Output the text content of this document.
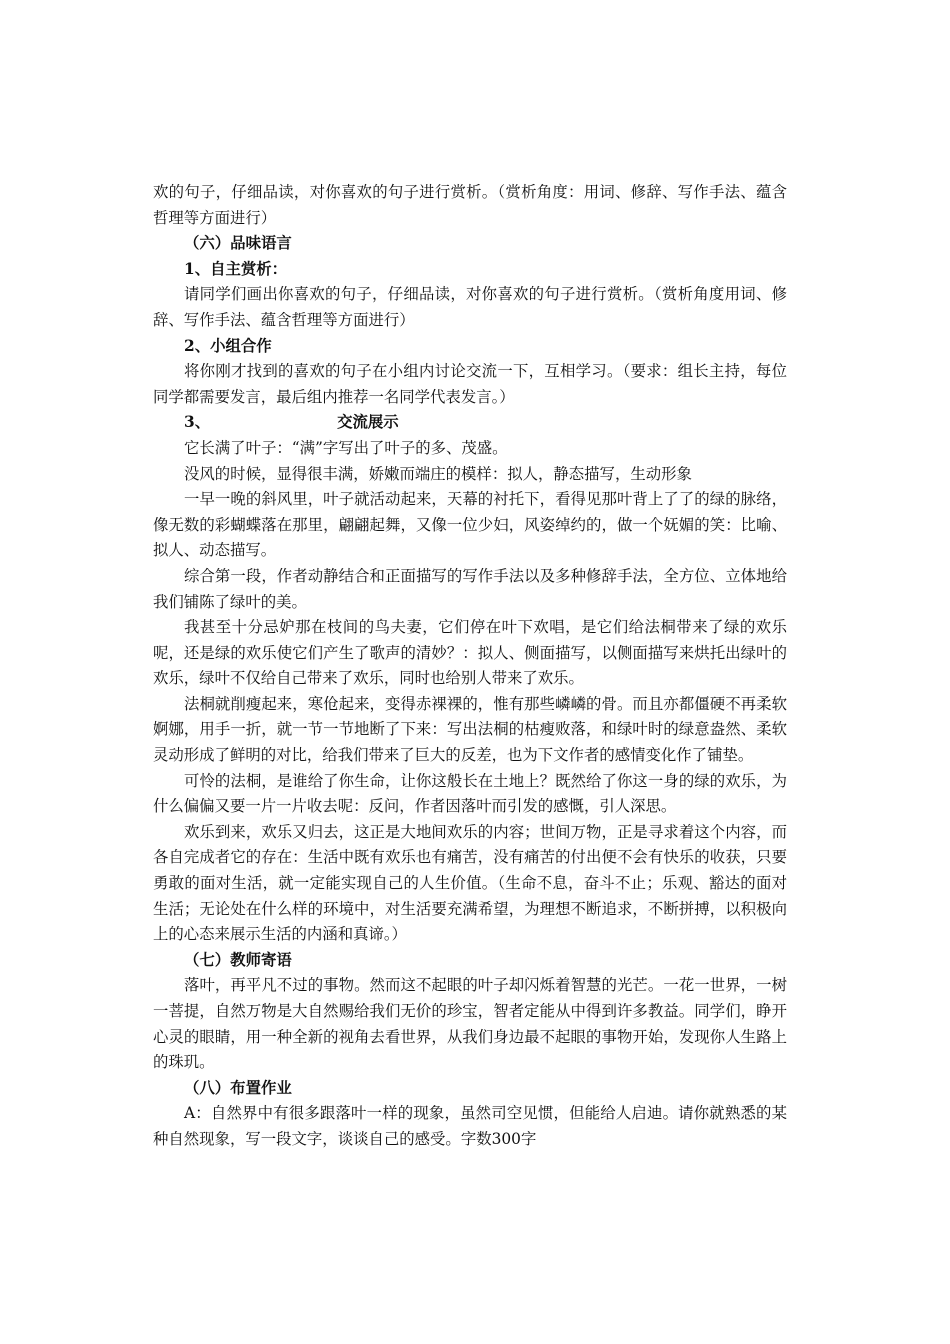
欢的句子，仔细品读，对你喜欢的句子进行赏析。（赏析角度：用词、修辞、写作手法、蕴含哲理等方面进行）

（六）品味语言

1、自主赏析：

请同学们画出你喜欢的句子，仔细品读，对你喜欢的句子进行赏析。（赏析角度用词、修辞、写作手法、蕴含哲理等方面进行）

2、小组合作

将你刚才找到的喜欢的句子在小组内讨论交流一下，互相学习。（要求：组长主持，每位同学都需要发言，最后组内推荐一名同学代表发言。）

3、	交流展示

它长满了叶子：“满”字写出了叶子的多、茂盛。

没风的时候，显得很丰满，娇嫩而端庄的模样：拟人，静态描写，生动形象

一早一晚的斜风里，叶子就活动起来，天幕的衬托下，看得见那叶背上了了的绿的脉络，像无数的彩蝴蝶落在那里，翩翩起舞，又像一位少妇，风姿绰约的，做一个妩媚的笑：比喻、拟人、动态描写。

综合第一段，作者动静结合和正面描写的写作手法以及多种修辞手法，全方位、立体地给我们铺陈了绿叶的美。

我甚至十分忌妒那在枝间的鸟夫妻，它们停在叶下欢唱，是它们给法桐带来了绿的欢乐呢，还是绿的欢乐使它们产生了歌声的清妙？：拟人、侧面描写，以侧面描写来烘托出绿叶的欢乐，绿叶不仅给自己带来了欢乐，同时也给别人带来了欢乐。

法桐就削瘦起来，寒伧起来，变得赤裸裸的，惟有那些嶙嶙的骨。而且亦都僵硬不再柔软婀娜，用手一折，就一节一节地断了下来：写出法桐的枯瘦败落，和绿叶时的绿意盎然、柔软灵动形成了鲜明的对比，给我们带来了巨大的反差，也为下文作者的感情变化作了铺垫。

可怜的法桐，是谁给了你生命，让你这般长在土地上？既然给了你这一身的绿的欢乐，为什么偏偏又要一片一片收去呢：反问，作者因落叶而引发的感慨，引人深思。

欢乐到来，欢乐又归去，这正是大地间欢乐的内容；世间万物，正是寻求着这个内容，而各自完成者它的存在：生活中既有欢乐也有痛苦，没有痛苦的付出便不会有快乐的收获，只要勇敢的面对生活，就一定能实现自己的人生价值。（生命不息，奋斗不止；乐观、豁达的面对生活；无论处在什么样的环境中，对生活要充满希望，为理想不断追求，不断拼搏，以积极向上的心态来展示生活的内涵和真谛。）

（七）教师寄语

落叶，再平凡不过的事物。然而这不起眼的叶子却闪烁着智慧的光芒。一花一世界，一树一菩提，自然万物是大自然赐给我们无价的珍宝，智者定能从中得到许多教益。同学们，睁开心灵的眼睛，用一种全新的视角去看世界，从我们身边最不起眼的事物开始，发现你人生路上的珠玑。

（八）布置作业

A：自然界中有很多跟落叶一样的现象，虽然司空见惯，但能给人启迪。请你就熟悉的某种自然现象，写一段文字，谈谈自己的感受。字数300字
